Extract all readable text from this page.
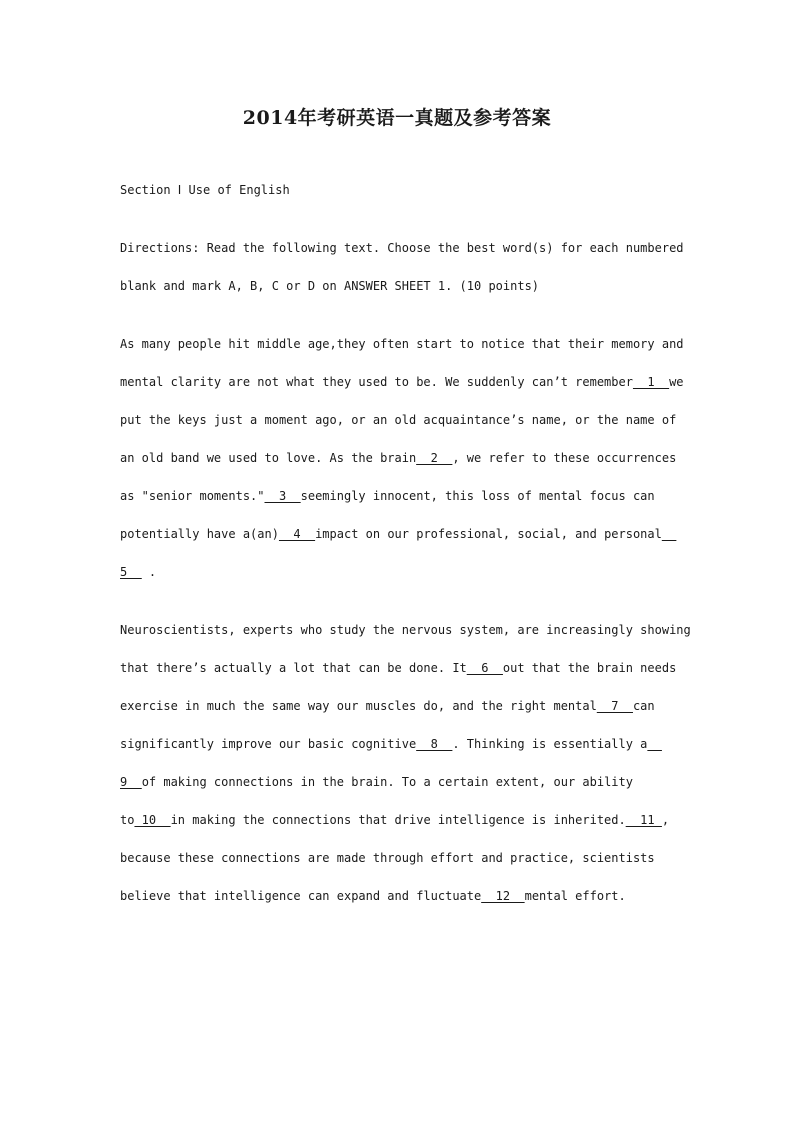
2014年考研英语一真题及参考答案
Section Ⅰ Use of English
Directions: Read the following text. Choose the best word(s) for each numbered
blank and mark A, B, C or D on ANSWER SHEET 1. (10 points)
As many people hit middle age,they often start to notice that their memory and
mental clarity are not what they used to be. We suddenly can’t remember__1__we
put the keys just a moment ago, or an old acquaintance’s name, or the name of
an old band we used to love. As the brain__2__, we refer to these occurrences
as "senior moments."__3__seemingly innocent, this loss of mental focus can
potentially have a(an)__4__impact on our professional, social, and personal__
5__ .
Neuroscientists, experts who study the nervous system, are increasingly showing
that there’s actually a lot that can be done. It__6__out that the brain needs
exercise in much the same way our muscles do, and the right mental__7__can
significantly improve our basic cognitive__8__. Thinking is essentially a__
9__of making connections in the brain. To a certain extent, our ability
to_10__in making the connections that drive intelligence is inherited.__11_,
because these connections are made through effort and practice, scientists
believe that intelligence can expand and fluctuate__12__mental effort.
